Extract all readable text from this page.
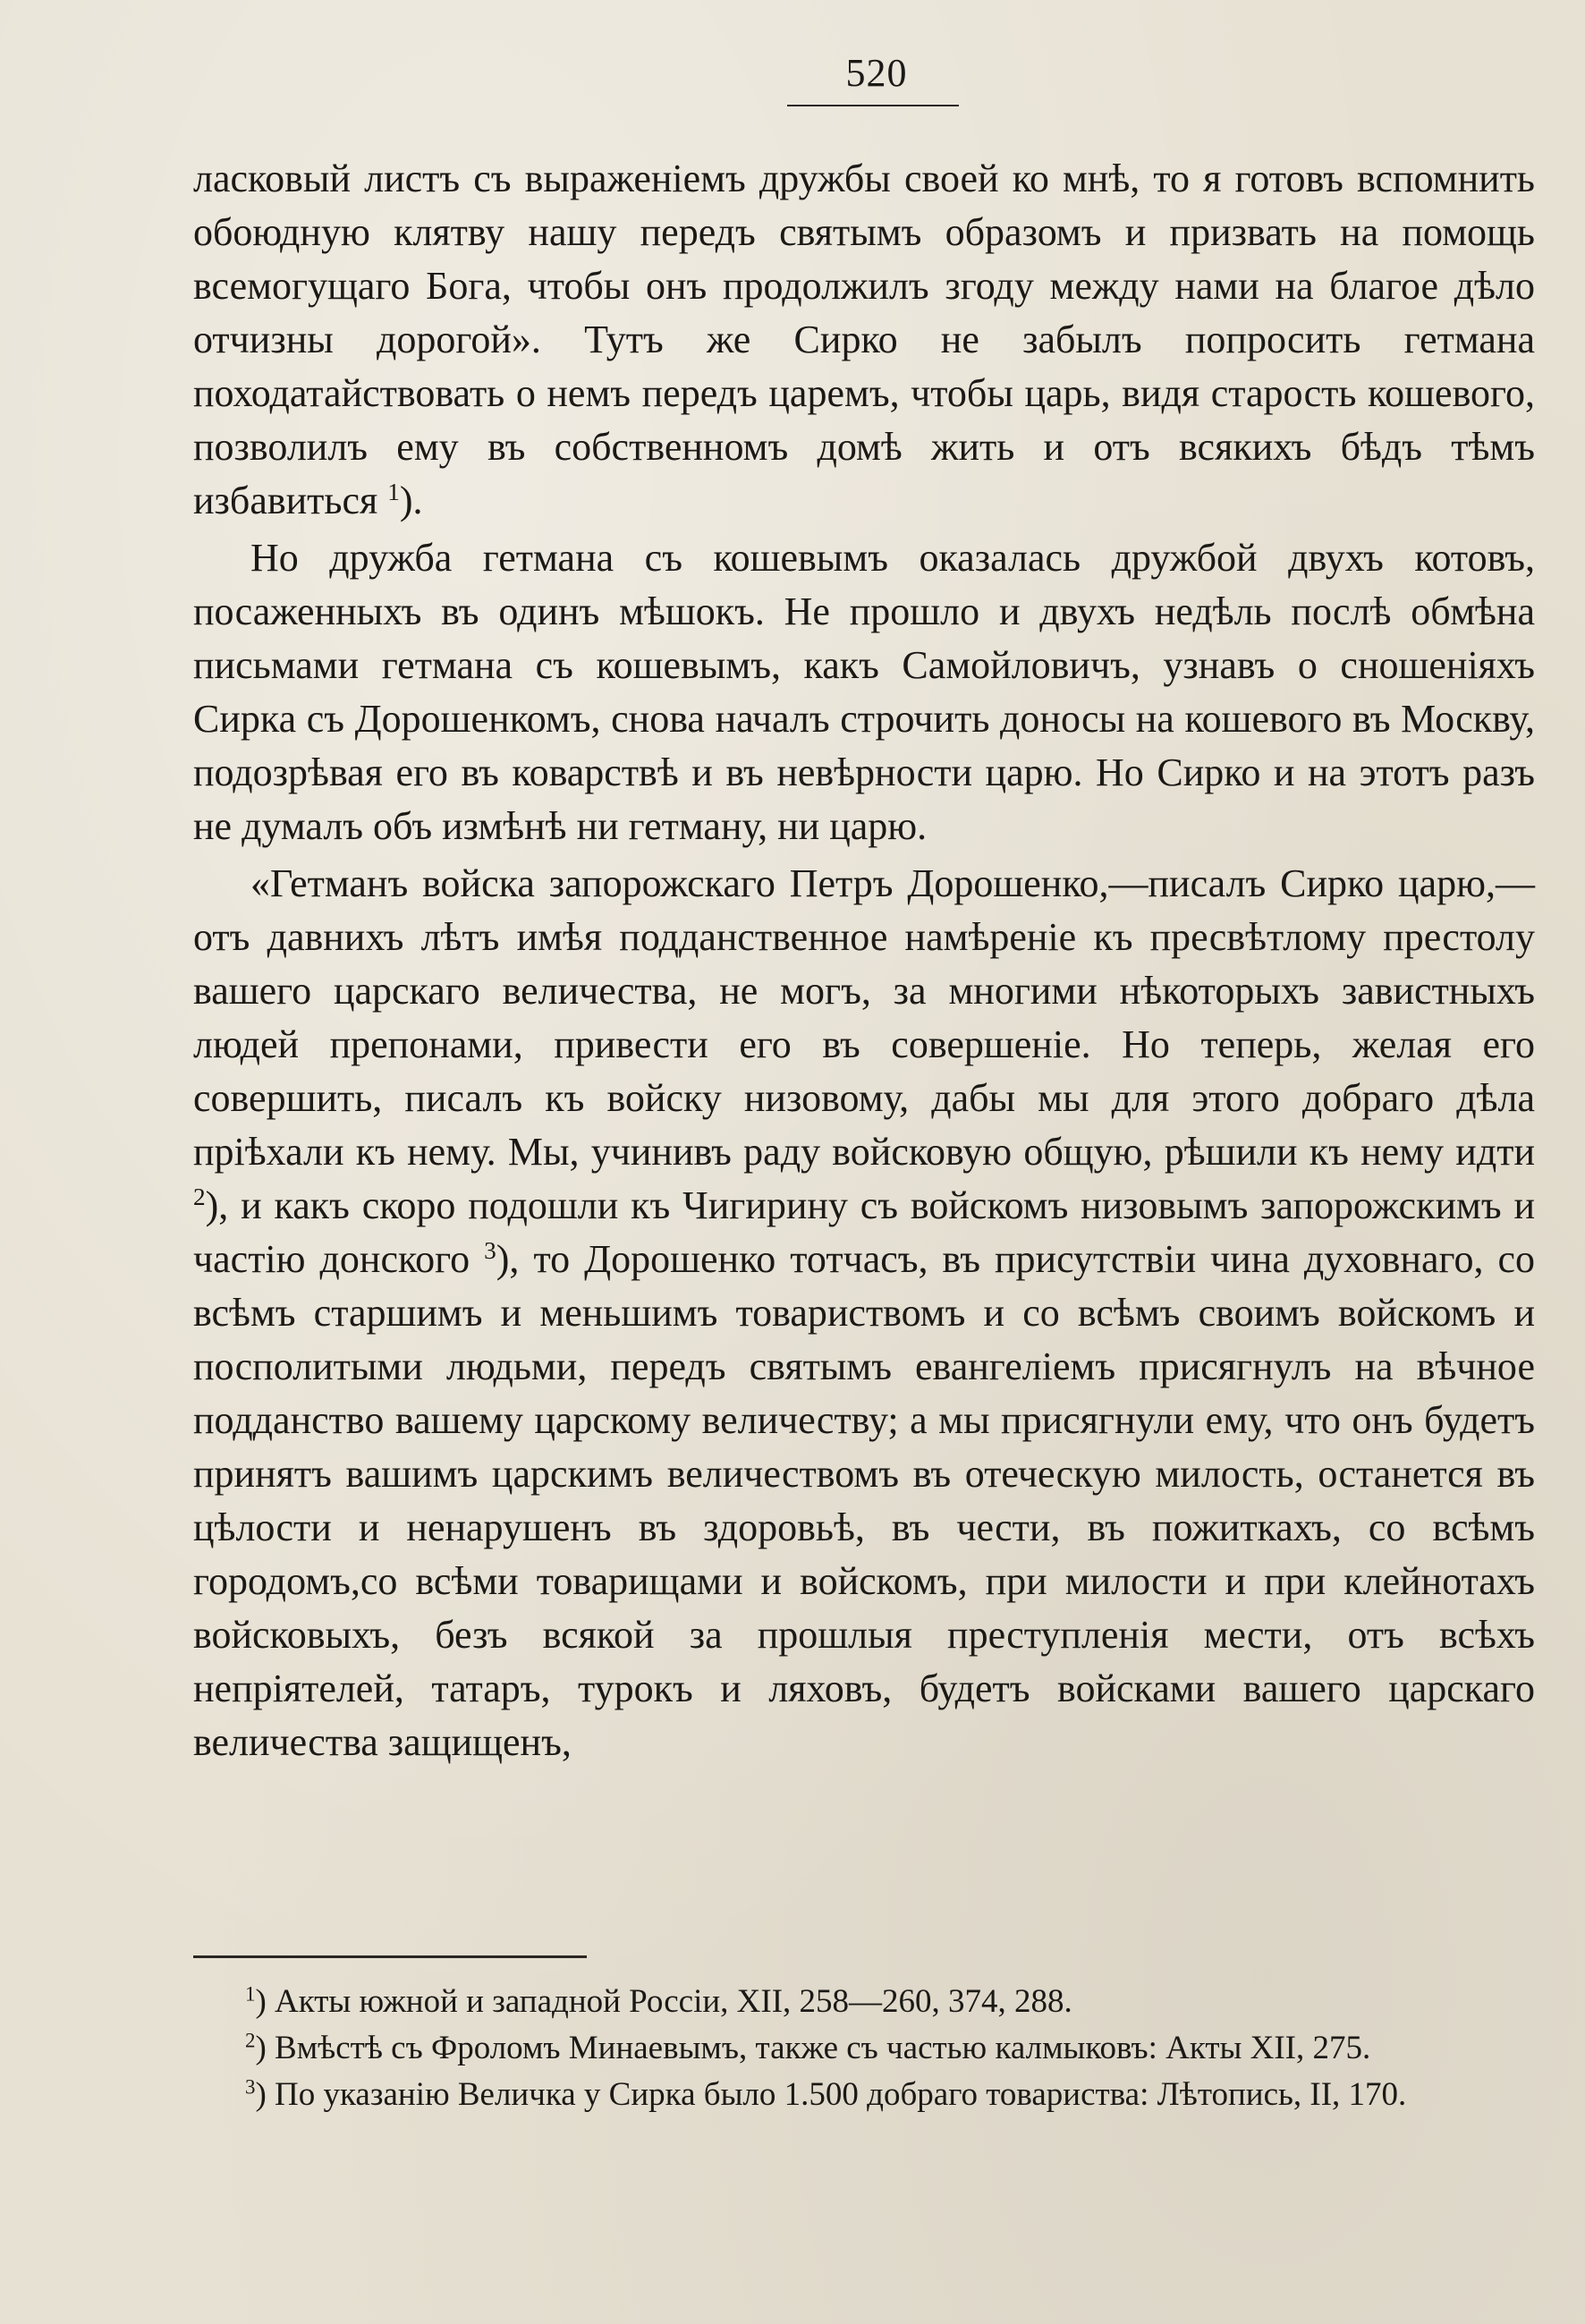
520

ласковый листъ съ выраженіемъ дружбы своей ко мнѣ, то я готовъ вспомнить обоюдную клятву нашу передъ святымъ образомъ и призвать на помощь всемогущаго Бога, чтобы онъ продолжилъ згоду между нами на благое дѣло отчизны дорогой». Тутъ же Сирко не забылъ попросить гетмана походатайствовать о немъ передъ царемъ, чтобы царь, видя старость кошевого, позволилъ ему въ собственномъ домѣ жить и отъ всякихъ бѣдъ тѣмъ избавиться $^1$).

Но дружба гетмана съ кошевымъ оказалась дружбой двухъ котовъ, посаженныхъ въ одинъ мѣшокъ. Не прошло и двухъ недѣль послѣ обмѣна письмами гетмана съ кошевымъ, какъ Самойловичъ, узнавъ о сношеніяхъ Сирка съ Дорошенкомъ, снова началъ строчить доносы на кошевого въ Москву, подозрѣвая его въ коварствѣ и въ невѣрности царю. Но Сирко и на этотъ разъ не думалъ объ измѣнѣ ни гетману, ни царю.

«Гетманъ войска запорожскаго Петръ Дорошенко,—писалъ Сирко царю,—отъ давнихъ лѣтъ имѣя подданственное намѣреніе къ пресвѣтлому престолу вашего царскаго величества, не могъ, за многими нѣкоторыхъ завистныхъ людей препонами, привести его въ совершеніе. Но теперь, желая его совершить, писалъ къ войску низовому, дабы мы для этого добраго дѣла пріѣхали къ нему. Мы, учинивъ раду войсковую общую, рѣшили къ нему идти $^2$), и какъ скоро подошли къ Чигирину съ войскомъ низовымъ запорожскимъ и частію донского $^3$), то Дорошенко тотчасъ, въ присутствіи чина духовнаго, со всѣмъ старшимъ и меньшимъ товариствомъ и со всѣмъ своимъ войскомъ и посполитыми людьми, передъ святымъ евангеліемъ присягнулъ на вѣчное подданство вашему царскому величеству; а мы присягнули ему, что онъ будетъ принятъ вашимъ царскимъ величествомъ въ отеческую милость, останется въ цѣлости и ненарушенъ въ здоровьѣ, въ чести, въ пожиткахъ, со всѣмъ городомъ,со всѣми товарищами и войскомъ, при милости и при клейнотахъ войсковыхъ, безъ всякой за прошлыя преступленія мести, отъ всѣхъ непріятелей, татаръ, турокъ и ляховъ, будетъ войсками вашего царскаго величества защищенъ,

$^1$) Акты южной и западной Россіи, XII, 258—260, 374, 288.

$^2$) Вмѣстѣ съ Фроломъ Минаевымъ, также съ частью калмыковъ: Акты XII, 275.

$^3$) По указанію Величка у Сирка было 1.500 добраго товариства: Лѣтопись, II, 170.
